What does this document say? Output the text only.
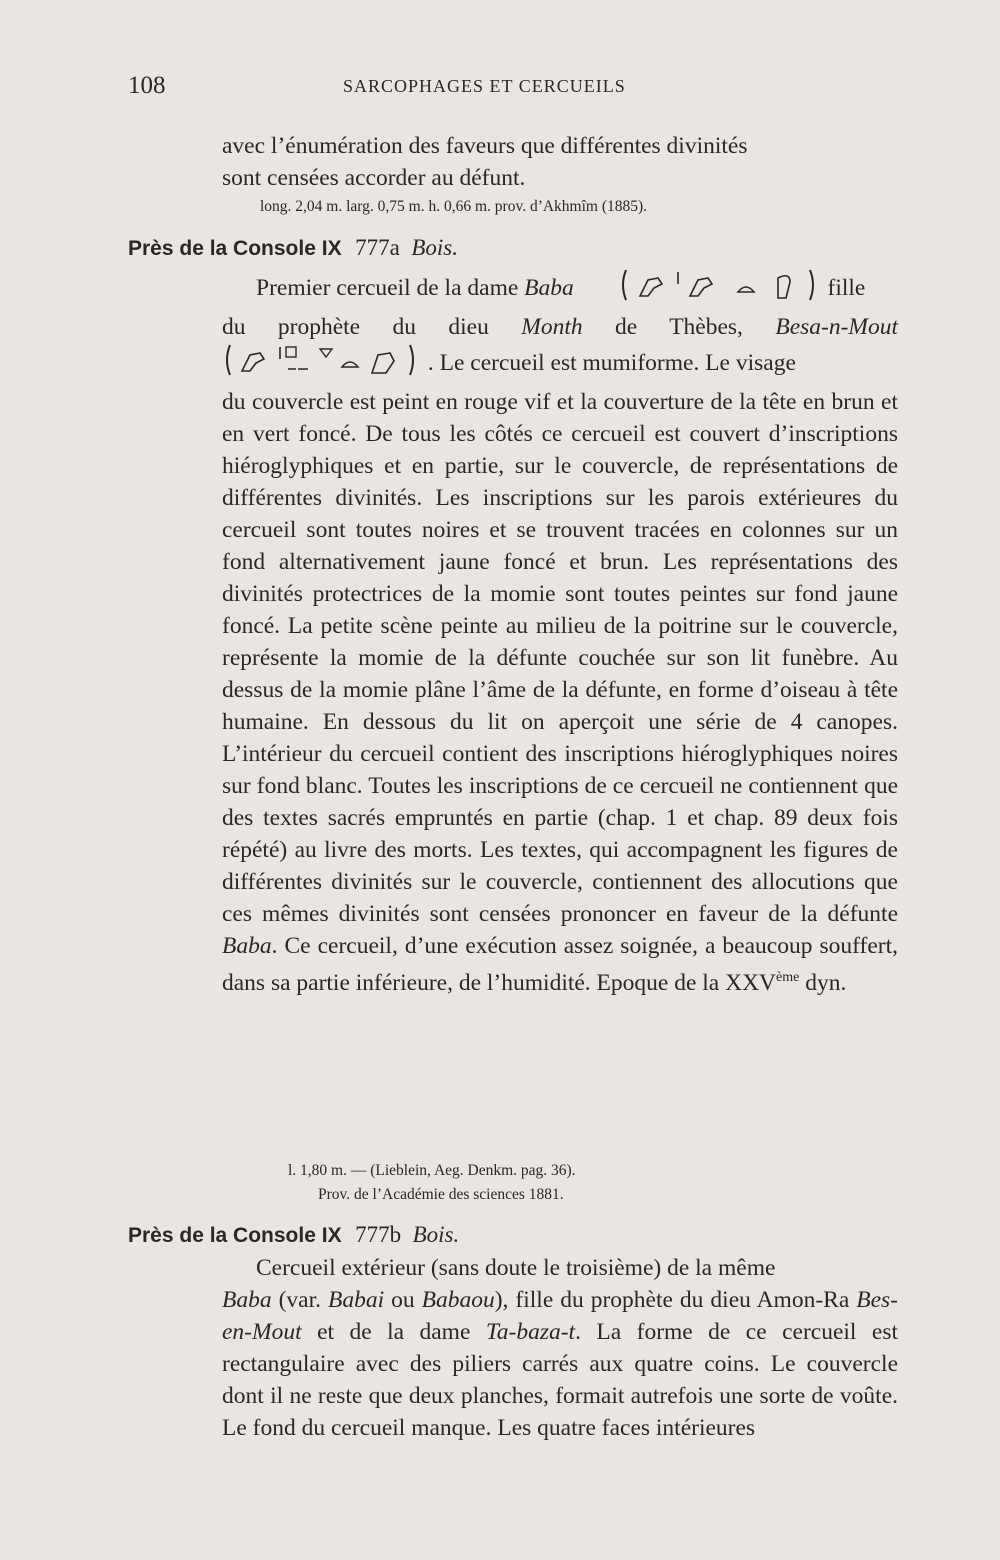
108	SARCOPHAGES ET CERCUEILS
avec l’énumération des faveurs que différentes divinités
sont censées accorder au défunt.
long. 2,04 m. larg. 0,75 m. h. 0,66 m. prov. d’Akhmîm (1885).
Près de la Console IX 777a Bois.
Premier cercueil de la dame Baba	fille
du prophète du dieu Month de Thèbes, Besa-n-Mout
. Le cercueil est mumiforme. Le visage
du couvercle est peint en rouge vif et la couverture de la tête en brun et en vert foncé. De tous les côtés ce cercueil est couvert d’inscriptions hiéroglyphiques et en partie, sur le couvercle, de représentations de différentes divinités. Les inscriptions sur les parois extérieures du cercueil sont toutes noires et se trouvent tracées en colonnes sur un fond alternativement jaune foncé et brun. Les représentations des divinités protectrices de la momie sont toutes peintes sur fond jaune foncé. La petite scène peinte au milieu de la poitrine sur le couvercle, représente la momie de la défunte couchée sur son lit funèbre. Au dessus de la momie plâne l’âme de la défunte, en forme d’oiseau à tête humaine. En dessous du lit on aperçoit une série de 4 canopes. L’intérieur du cercueil contient des inscriptions hiéroglyphiques noires sur fond blanc. Toutes les inscriptions de ce cercueil ne contiennent que des textes sacrés empruntés en partie (chap. 1 et chap. 89 deux fois répété) au livre des morts. Les textes, qui accompagnent les figures de différentes divinités sur le couvercle, contiennent des allocutions que ces mêmes divinités sont censées prononcer en faveur de la défunte Baba. Ce cercueil, d’une exécution assez soignée, a beaucoup souffert, dans sa partie inférieure, de l’humidité. Epoque de la XXVème dyn.
l. 1,80 m. — (Lieblein, Aeg. Denkm. pag. 36).
Prov. de l’Académie des sciences 1881.
Près de la Console IX 777b Bois.
Cercueil extérieur (sans doute le troisième) de la même
Baba (var. Babai ou Babaou), fille du prophète du dieu Amon-Ra Bes-en-Mout et de la dame Ta-baza-t. La forme de ce cercueil est rectangulaire avec des piliers carrés aux quatre coins. Le couvercle dont il ne reste que deux planches, formait autrefois une sorte de voûte. Le fond du cercueil manque. Les quatre faces intérieures
